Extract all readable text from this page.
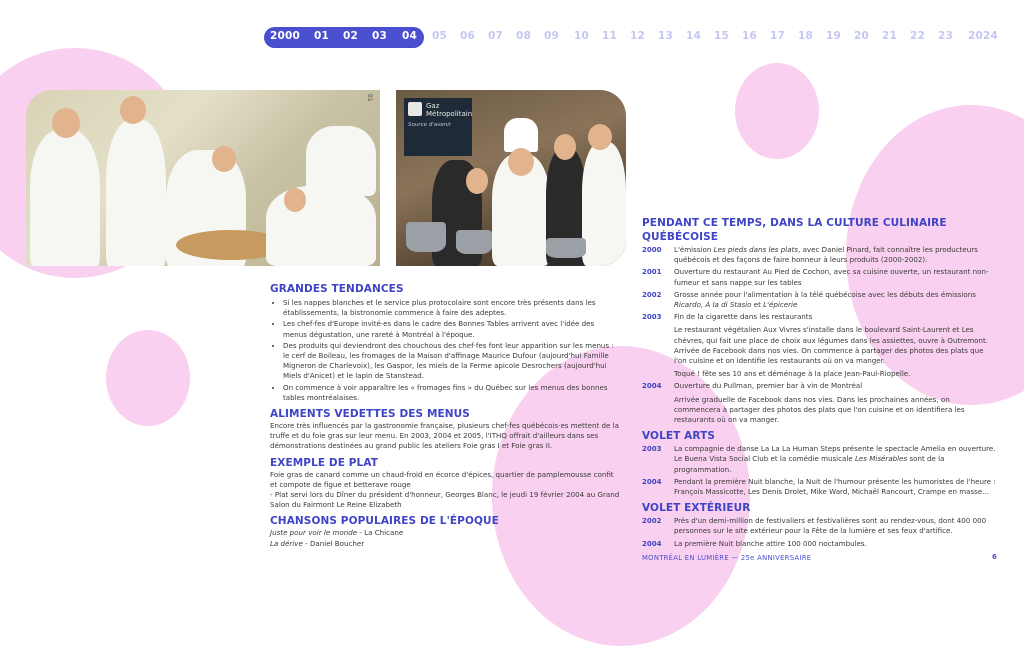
2000 01 02 03 04 05 06 07 08 09 10 11 12 13 14 15 16 17 18 19 20 21 22 23 2024
01
Gaz Métropolitain
Source d'avenir
GRANDES TENDANCES
• Si les nappes blanches et le service plus protocolaire sont encore très présents dans les établissements, la bistronomie commence à faire des adeptes.
• Les chef·fes d'Europe invité·es dans le cadre des Bonnes Tables arrivent avec l'idée des menus dégustation, une rareté à Montréal à l'époque.
• Des produits qui deviendront des chouchous des chef·fes font leur apparition sur les menus : le cerf de Boileau, les fromages de la Maison d'affinage Maurice Dufour (aujourd'hui Famille Migneron de Charlevoix), les Gaspor, les miels de la Ferme apicole Desrochers (aujourd'hui Miels d'Anicet) et le lapin de Stanstead.
• On commence à voir apparaître les « fromages fins » du Québec sur les menus des bonnes tables montréalaises.
ALIMENTS VEDETTES DES MENUS

Encore très influencés par la gastronomie française, plusieurs chef·fes québécois·es mettent de la truffe et du foie gras sur leur menu. En 2003, 2004 et 2005, l'ITHQ offrait d'ailleurs dans ses démonstrations destinées au grand public les ateliers Foie gras I et Foie gras II.

EXEMPLE DE PLAT

Foie gras de canard comme un chaud-froid en écorce d'épices, quartier de pamplemousse confit et compote de figue et betterave rouge

- Plat servi lors du Dîner du président d'honneur, Georges Blanc, le jeudi 19 février 2004 au Grand Salon du Fairmont Le Reine Elizabeth

CHANSONS POPULAIRES DE L'ÉPOQUE

Juste pour voir le monde - La Chicane

La dérive - Daniel Boucher

PENDANT CE TEMPS, DANS LA CULTURE CULINAIRE QUÉBÉCOISE
2000	L'émission Les pieds dans les plats, avec Daniel Pinard, fait connaître les producteurs québécois et des façons de faire honneur à leurs produits (2000-2002).
2001	Ouverture du restaurant Au Pied de Cochon, avec sa cuisine ouverte, un restaurant non-fumeur et sans nappe sur les tables
2002	Grosse année pour l'alimentation à la télé québécoise avec les débuts des émissions Ricardo, À la di Stasio et L'épicerie
2003	Fin de la cigarette dans les restaurants
Le restaurant végétalien Aux Vivres s'installe dans le boulevard Saint-Laurent et Les chèvres, qui fait une place de choix aux légumes dans les assiettes, ouvre à Outremont. Arrivée de Facebook dans nos vies. On commence à partager des photos des plats que l'on cuisine et on identifie les restaurants où on va manger.
Toqué ! fête ses 10 ans et déménage à la place Jean-Paul-Riopelle.
2004	Ouverture du Pullman, premier bar à vin de Montréal
Arrivée graduelle de Facebook dans nos vies. Dans les prochaines années, on commencera à partager des photos des plats que l'on cuisine et on identifiera les restaurants où on va manger.
VOLET ARTS
2003	La compagnie de danse La La La Human Steps présente le spectacle Amelia en ouverture. Le Buena Vista Social Club et la comédie musicale Les Misérables sont de la programmation.
2004	Pendant la première Nuit blanche, la Nuit de l'humour présente les humoristes de l'heure : François Massicotte, Les Denis Drolet, Mike Ward, Michaël Rancourt, Crampe en masse...
VOLET EXTÉRIEUR
2002	Près d'un demi-million de festivaliers et festivalières sont au rendez-vous, dont 400 000 personnes sur le site extérieur pour la Fête de la lumière et ses feux d'artifice.
2004	La première Nuit blanche attire 100 000 noctambules.
MONTRÉAL EN LUMIÈRE — 25e ANNIVERSAIRE	6
